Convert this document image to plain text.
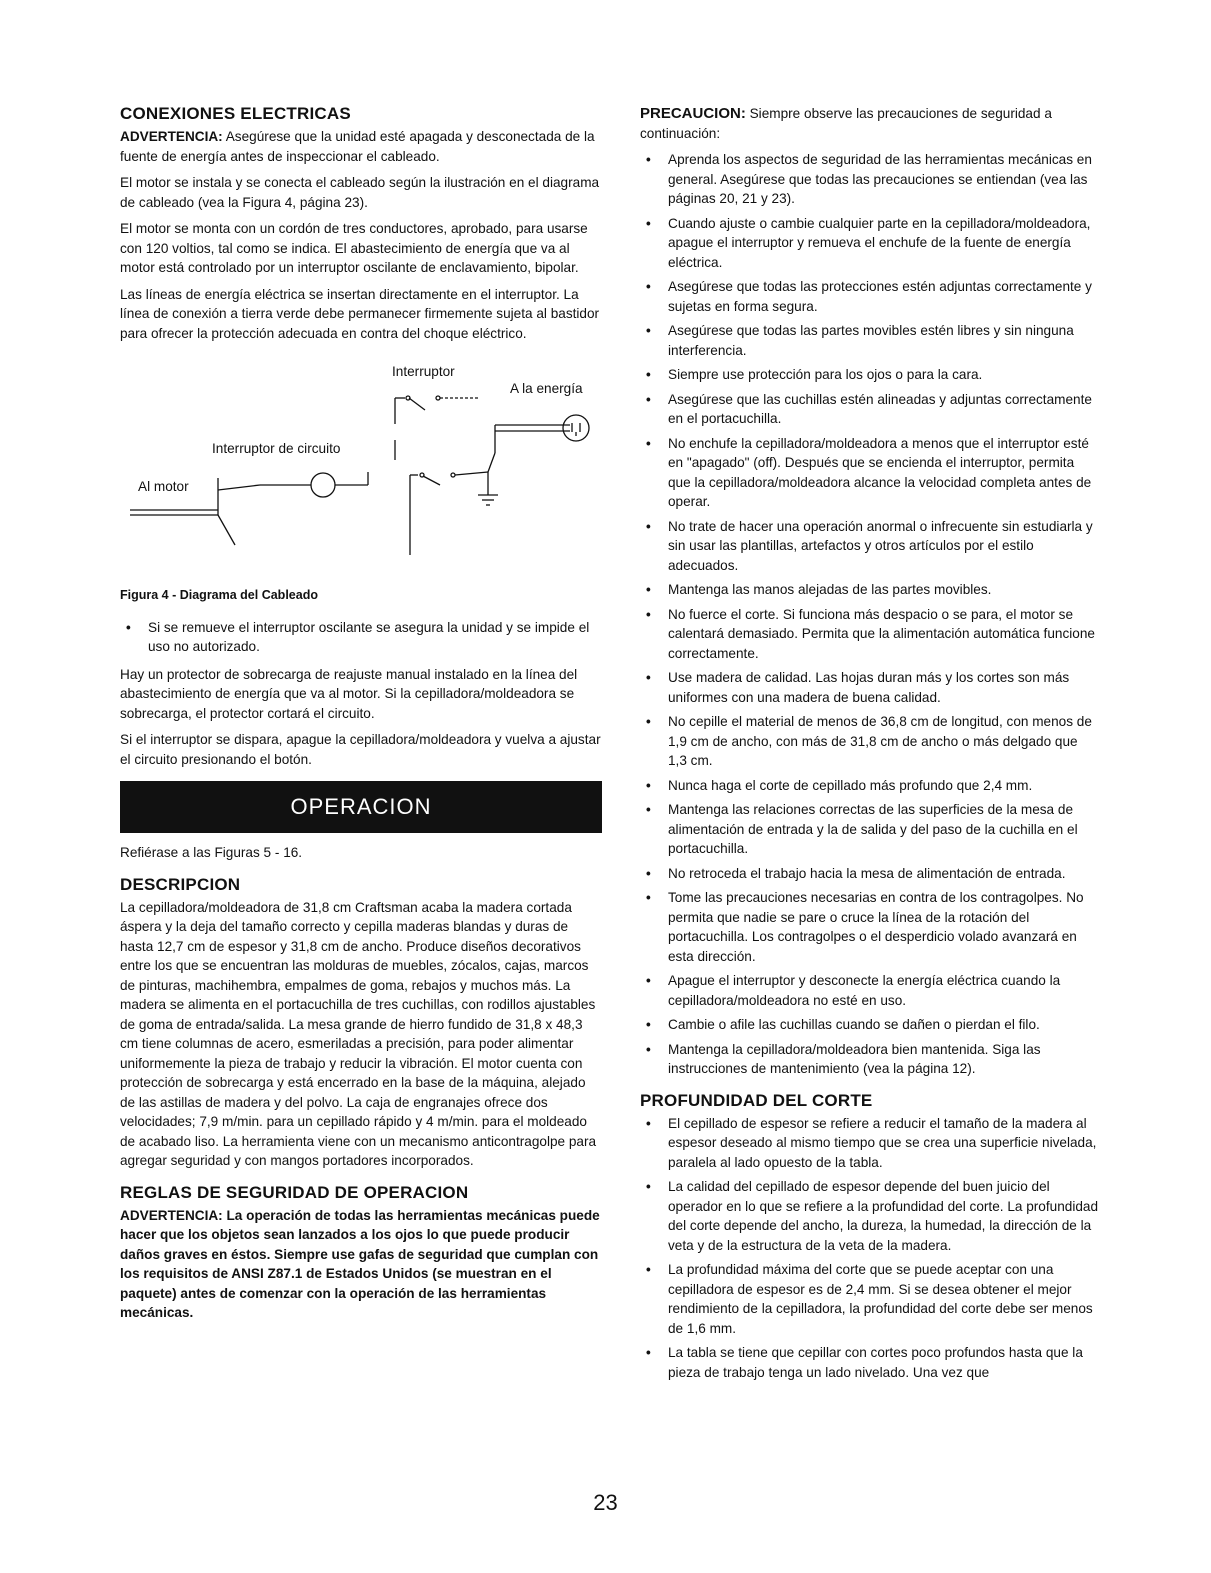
CONEXIONES ELECTRICAS

ADVERTENCIA: Asegúrese que la unidad esté apagada y desconectada de la fuente de energía antes de inspeccionar el cableado.

El motor se instala y se conecta el cableado según la ilustración en el diagrama de cableado (vea la Figura 4, página 23).

El motor se monta con un cordón de tres conductores, aprobado, para usarse con 120 voltios, tal como se indica. El abastecimiento de energía que va al motor está controlado por un interruptor oscilante de enclavamiento, bipolar.

Las líneas de energía eléctrica se insertan directamente en el interruptor. La línea de conexión a tierra verde debe permanecer firmemente sujeta al bastidor para ofrecer la protección adecuada en contra del choque eléctrico.

Interruptor
A la energía
Interruptor de circuito
Al motor

Figura 4 - Diagrama del Cableado

• Si se remueve el interruptor oscilante se asegura la unidad y se impide el uso no autorizado.

Hay un protector de sobrecarga de reajuste manual instalado en la línea del abastecimiento de energía que va al motor. Si la cepilladora/moldeadora se sobrecarga, el protector cortará el circuito.

Si el interruptor se dispara, apague la cepilladora/moldeadora y vuelva a ajustar el circuito presionando el botón.

OPERACION

Refiérase a las Figuras 5 - 16.

DESCRIPCION

La cepilladora/moldeadora de 31,8 cm Craftsman acaba la madera cortada áspera y la deja del tamaño correcto y cepilla maderas blandas y duras de hasta 12,7 cm de espesor y 31,8 cm de ancho. Produce diseños decorativos entre los que se encuentran las molduras de muebles, zócalos, cajas, marcos de pinturas, machihembra, empalmes de goma, rebajos y muchos más. La madera se alimenta en el portacuchilla de tres cuchillas, con rodillos ajustables de goma de entrada/salida. La mesa grande de hierro fundido de 31,8 x 48,3 cm tiene columnas de acero, esmeriladas a precisión, para poder alimentar uniformemente la pieza de trabajo y reducir la vibración. El motor cuenta con protección de sobrecarga y está encerrado en la base de la máquina, alejado de las astillas de madera y del polvo. La caja de engranajes ofrece dos velocidades; 7,9 m/min. para un cepillado rápido y 4 m/min. para el moldeado de acabado liso. La herramienta viene con un mecanismo anticontragolpe para agregar seguridad y con mangos portadores incorporados.

REGLAS DE SEGURIDAD DE OPERACION

ADVERTENCIA: La operación de todas las herramientas mecánicas puede hacer que los objetos sean lanzados a los ojos lo que puede producir daños graves en éstos. Siempre use gafas de seguridad que cumplan con los requisitos de ANSI Z87.1 de Estados Unidos (se muestran en el paquete) antes de comenzar con la operación de las herramientas mecánicas.

PRECAUCION: Siempre observe las precauciones de seguridad a continuación:

• Aprenda los aspectos de seguridad de las herramientas mecánicas en general. Asegúrese que todas las precauciones se entiendan (vea las páginas 20, 21 y 23).
• Cuando ajuste o cambie cualquier parte en la cepilladora/moldeadora, apague el interruptor y remueva el enchufe de la fuente de energía eléctrica.
• Asegúrese que todas las protecciones estén adjuntas correctamente y sujetas en forma segura.
• Asegúrese que todas las partes movibles estén libres y sin ninguna interferencia.
• Siempre use protección para los ojos o para la cara.
• Asegúrese que las cuchillas estén alineadas y adjuntas correctamente en el portacuchilla.
• No enchufe la cepilladora/moldeadora a menos que el interruptor esté en "apagado" (off). Después que se encienda el interruptor, permita que la cepilladora/moldeadora alcance la velocidad completa antes de operar.
• No trate de hacer una operación anormal o infrecuente sin estudiarla y sin usar las plantillas, artefactos y otros artículos por el estilo adecuados.
• Mantenga las manos alejadas de las partes movibles.
• No fuerce el corte. Si funciona más despacio o se para, el motor se calentará demasiado. Permita que la alimentación automática funcione correctamente.
• Use madera de calidad. Las hojas duran más y los cortes son más uniformes con una madera de buena calidad.
• No cepille el material de menos de 36,8 cm de longitud, con menos de 1,9 cm de ancho, con más de 31,8 cm de ancho o más delgado que 1,3 cm.
• Nunca haga el corte de cepillado más profundo que 2,4 mm.
• Mantenga las relaciones correctas de las superficies de la mesa de alimentación de entrada y la de salida y del paso de la cuchilla en el portacuchilla.
• No retroceda el trabajo hacia la mesa de alimentación de entrada.
• Tome las precauciones necesarias en contra de los contragolpes. No permita que nadie se pare o cruce la línea de la rotación del portacuchilla. Los contragolpes o el desperdicio volado avanzará en esta dirección.
• Apague el interruptor y desconecte la energía eléctrica cuando la cepilladora/moldeadora no esté en uso.
• Cambie o afile las cuchillas cuando se dañen o pierdan el filo.
• Mantenga la cepilladora/moldeadora bien mantenida. Siga las instrucciones de mantenimiento (vea la página 12).
PROFUNDIDAD DEL CORTE
• El cepillado de espesor se refiere a reducir el tamaño de la madera al espesor deseado al mismo tiempo que se crea una superficie nivelada, paralela al lado opuesto de la tabla.
• La calidad del cepillado de espesor depende del buen juicio del operador en lo que se refiere a la profundidad del corte. La profundidad del corte depende del ancho, la dureza, la humedad, la dirección de la veta y de la estructura de la veta de la madera.
• La profundidad máxima del corte que se puede aceptar con una cepilladora de espesor es de 2,4 mm. Si se desea obtener el mejor rendimiento de la cepilladora, la profundidad del corte debe ser menos de 1,6 mm.
• La tabla se tiene que cepillar con cortes poco profundos hasta que la pieza de trabajo tenga un lado nivelado. Una vez que
23
